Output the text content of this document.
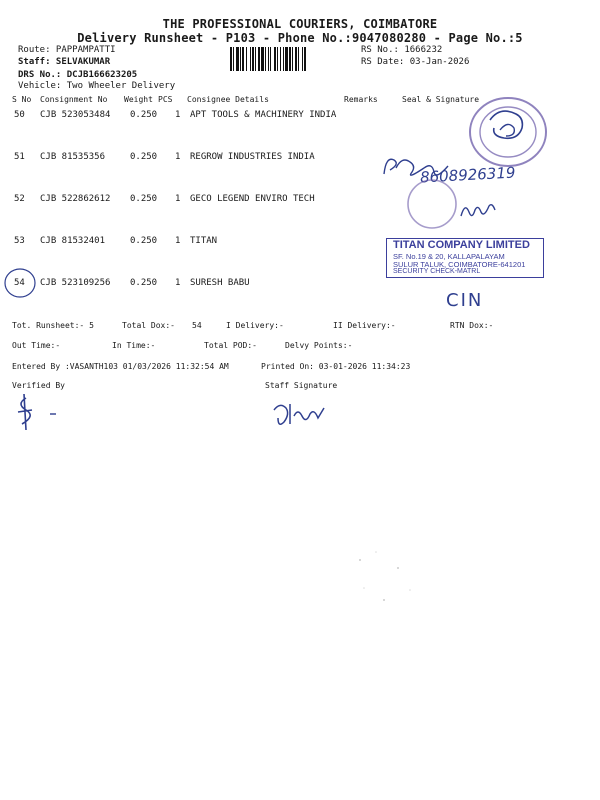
THE PROFESSIONAL COURIERS, COIMBATORE
Delivery Runsheet - P103 - Phone No.:9047080280 - Page No.:5
Route: PAPPAMPATTI
Staff: SELVAKUMAR
DRS No.: DCJB166623205
Vehicle: Two Wheeler Delivery
RS No.: 1666232
RS Date: 03-Jan-2026
S No Consignment No Weight PCS Consignee Details	Remarks	Seal & Signature
50 CJB 523053484 0.250 1 APT TOOLS & MACHINERY INDIA
51 CJB 81535356	0.250 1 REGROW INDUSTRIES INDIA
52 CJB 522862612 0.250 1 GECO LEGEND ENVIRO TECH
53 CJB 81532401	0.250 1 TITAN
54 CJB 523109256 0.250 1 SURESH BABU
Tot. Runsheet:- 5	Total Dox:- 54	I Delivery:-	II Delivery:-	RTN Dox:-
Out Time:-	In Time:-	Total POD:-	Delvy Points:-
Entered By :VASANTH103 01/03/2026 11:32:54 AM	Printed On: 03-01-2026 11:34:23
Verified By	Staff Signature
8608926319
TITAN COMPANY LIMITED
SF. No.19 & 20, KALLAPALAYAM
SULUR TALUK, COIMBATORE-641201
SECURITY CHECK-MATRL
CIN
